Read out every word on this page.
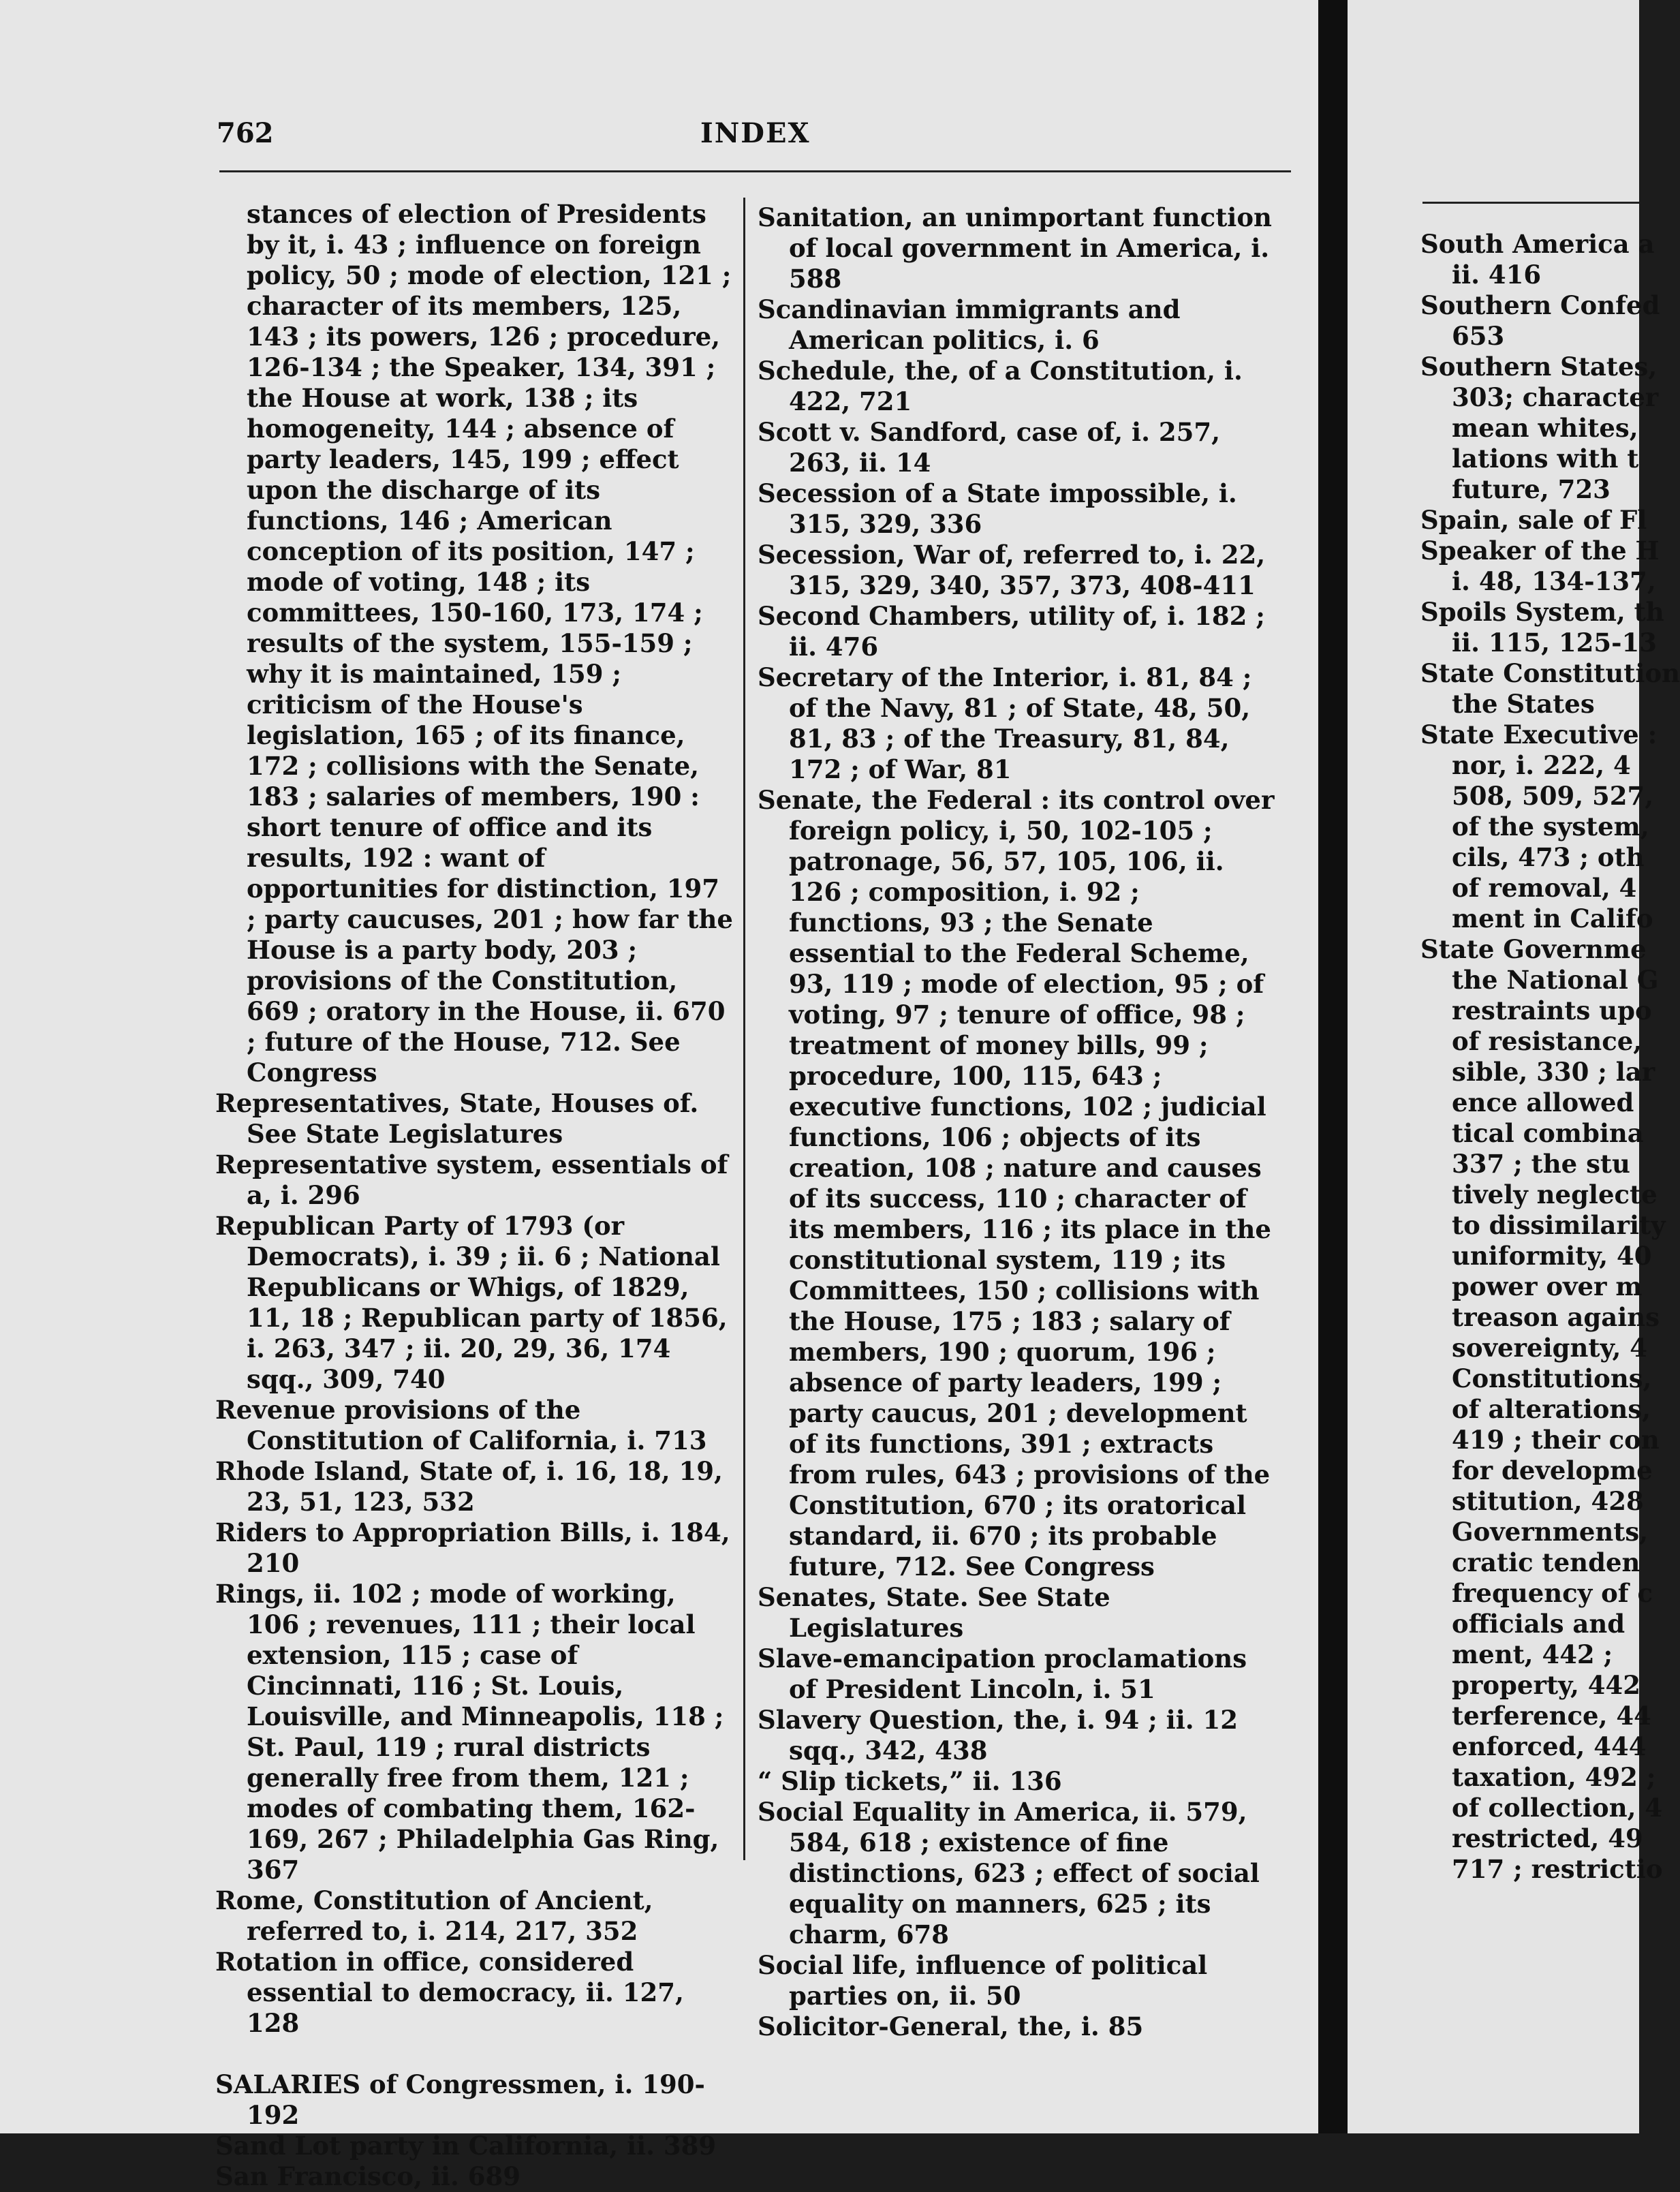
762	INDEX

stances of election of Presidents by it, i. 43 ; influence on foreign policy, 50 ; mode of election, 121 ; character of its members, 125, 143 ; its powers, 126 ; procedure, 126-134 ; the Speaker, 134, 391 ; the House at work, 138 ; its homogeneity, 144 ; absence of party leaders, 145, 199 ; effect upon the discharge of its functions, 146 ; American conception of its position, 147 ; mode of voting, 148 ; its committees, 150-160, 173, 174 ; results of the system, 155-159 ; why it is maintained, 159 ; criticism of the House's legislation, 165 ; of its finance, 172 ; collisions with the Senate, 183 ; salaries of members, 190 : short tenure of office and its results, 192 : want of opportunities for distinction, 197 ; party caucuses, 201 ; how far the House is a party body, 203 ; provisions of the Constitution, 669 ; oratory in the House, ii. 670 ; future of the House, 712. See Congress

Representatives, State, Houses of. See State Legislatures

Representative system, essentials of a, i. 296

Republican Party of 1793 (or Democrats), i. 39 ; ii. 6 ; National Republicans or Whigs, of 1829, 11, 18 ; Republican party of 1856, i. 263, 347 ; ii. 20, 29, 36, 174 sqq., 309, 740

Revenue provisions of the Constitution of California, i. 713

Rhode Island, State of, i. 16, 18, 19, 23, 51, 123, 532

Riders to Appropriation Bills, i. 184, 210

Rings, ii. 102 ; mode of working, 106 ; revenues, 111 ; their local extension, 115 ; case of Cincinnati, 116 ; St. Louis, Louisville, and Minneapolis, 118 ; St. Paul, 119 ; rural districts generally free from them, 121 ; modes of combating them, 162-169, 267 ; Philadelphia Gas Ring, 367

Rome, Constitution of Ancient, referred to, i. 214, 217, 352

Rotation in office, considered essential to democracy, ii. 127, 128

SALARIES of Congressmen, i. 190-192

Sand Lot party in California, ii. 389

San Francisco, ii. 689

Sanitation, an unimportant function of local government in America, i. 588

Scandinavian immigrants and American politics, i. 6

Schedule, the, of a Constitution, i. 422, 721

Scott v. Sandford, case of, i. 257, 263, ii. 14

Secession of a State impossible, i. 315, 329, 336

Secession, War of, referred to, i. 22, 315, 329, 340, 357, 373, 408-411

Second Chambers, utility of, i. 182 ; ii. 476

Secretary of the Interior, i. 81, 84 ; of the Navy, 81 ; of State, 48, 50, 81, 83 ; of the Treasury, 81, 84, 172 ; of War, 81

Senate, the Federal : its control over foreign policy, i, 50, 102-105 ; patronage, 56, 57, 105, 106, ii. 126 ; composition, i. 92 ; functions, 93 ; the Senate essential to the Federal Scheme, 93, 119 ; mode of election, 95 ; of voting, 97 ; tenure of office, 98 ; treatment of money bills, 99 ; procedure, 100, 115, 643 ; executive functions, 102 ; judicial functions, 106 ; objects of its creation, 108 ; nature and causes of its success, 110 ; character of its members, 116 ; its place in the constitutional system, 119 ; its Committees, 150 ; collisions with the House, 175 ; 183 ; salary of members, 190 ; quorum, 196 ; absence of party leaders, 199 ; party caucus, 201 ; development of its functions, 391 ; extracts from rules, 643 ; provisions of the Constitution, 670 ; its oratorical standard, ii. 670 ; its probable future, 712. See Congress

Senates, State. See State Legislatures

Slave-emancipation proclamations of President Lincoln, i. 51

Slavery Question, the, i. 94 ; ii. 12 sqq., 342, 438

“ Slip tickets,” ii. 136

Social Equality in America, ii. 579, 584, 618 ; existence of fine distinctions, 623 ; effect of social equality on manners, 625 ; its charm, 678

Social life, influence of political parties on, ii. 50

Solicitor-General, the, i. 85

South America a

ii. 416

Southern Confed

653

Southern States,

303; character

mean whites,

lations with t

future, 723

Spain, sale of Fl

Speaker of the H

i. 48, 134-137,

Spoils System, th

ii. 115, 125-13

State Constitution

the States

State Executive :

nor, i. 222, 4

508, 509, 527,

of the system,

cils, 473 ; oth

of removal, 4

ment in Califo

State Governme

the National G

restraints upo

of resistance,

sible, 330 ; lar

ence allowed

tical combina

337 ; the stu

tively neglecte

to dissimilarity

uniformity, 40

power over m

treason agains

sovereignty, 4

Constitutions,

of alterations,

419 ; their con

for developme

stitution, 428

Governments,

cratic tenden

frequency of c

officials and

ment, 442 ;

property, 442

terference, 44

enforced, 444

taxation, 492 ;

of collection, 4

restricted, 49

717 ; restrictio
